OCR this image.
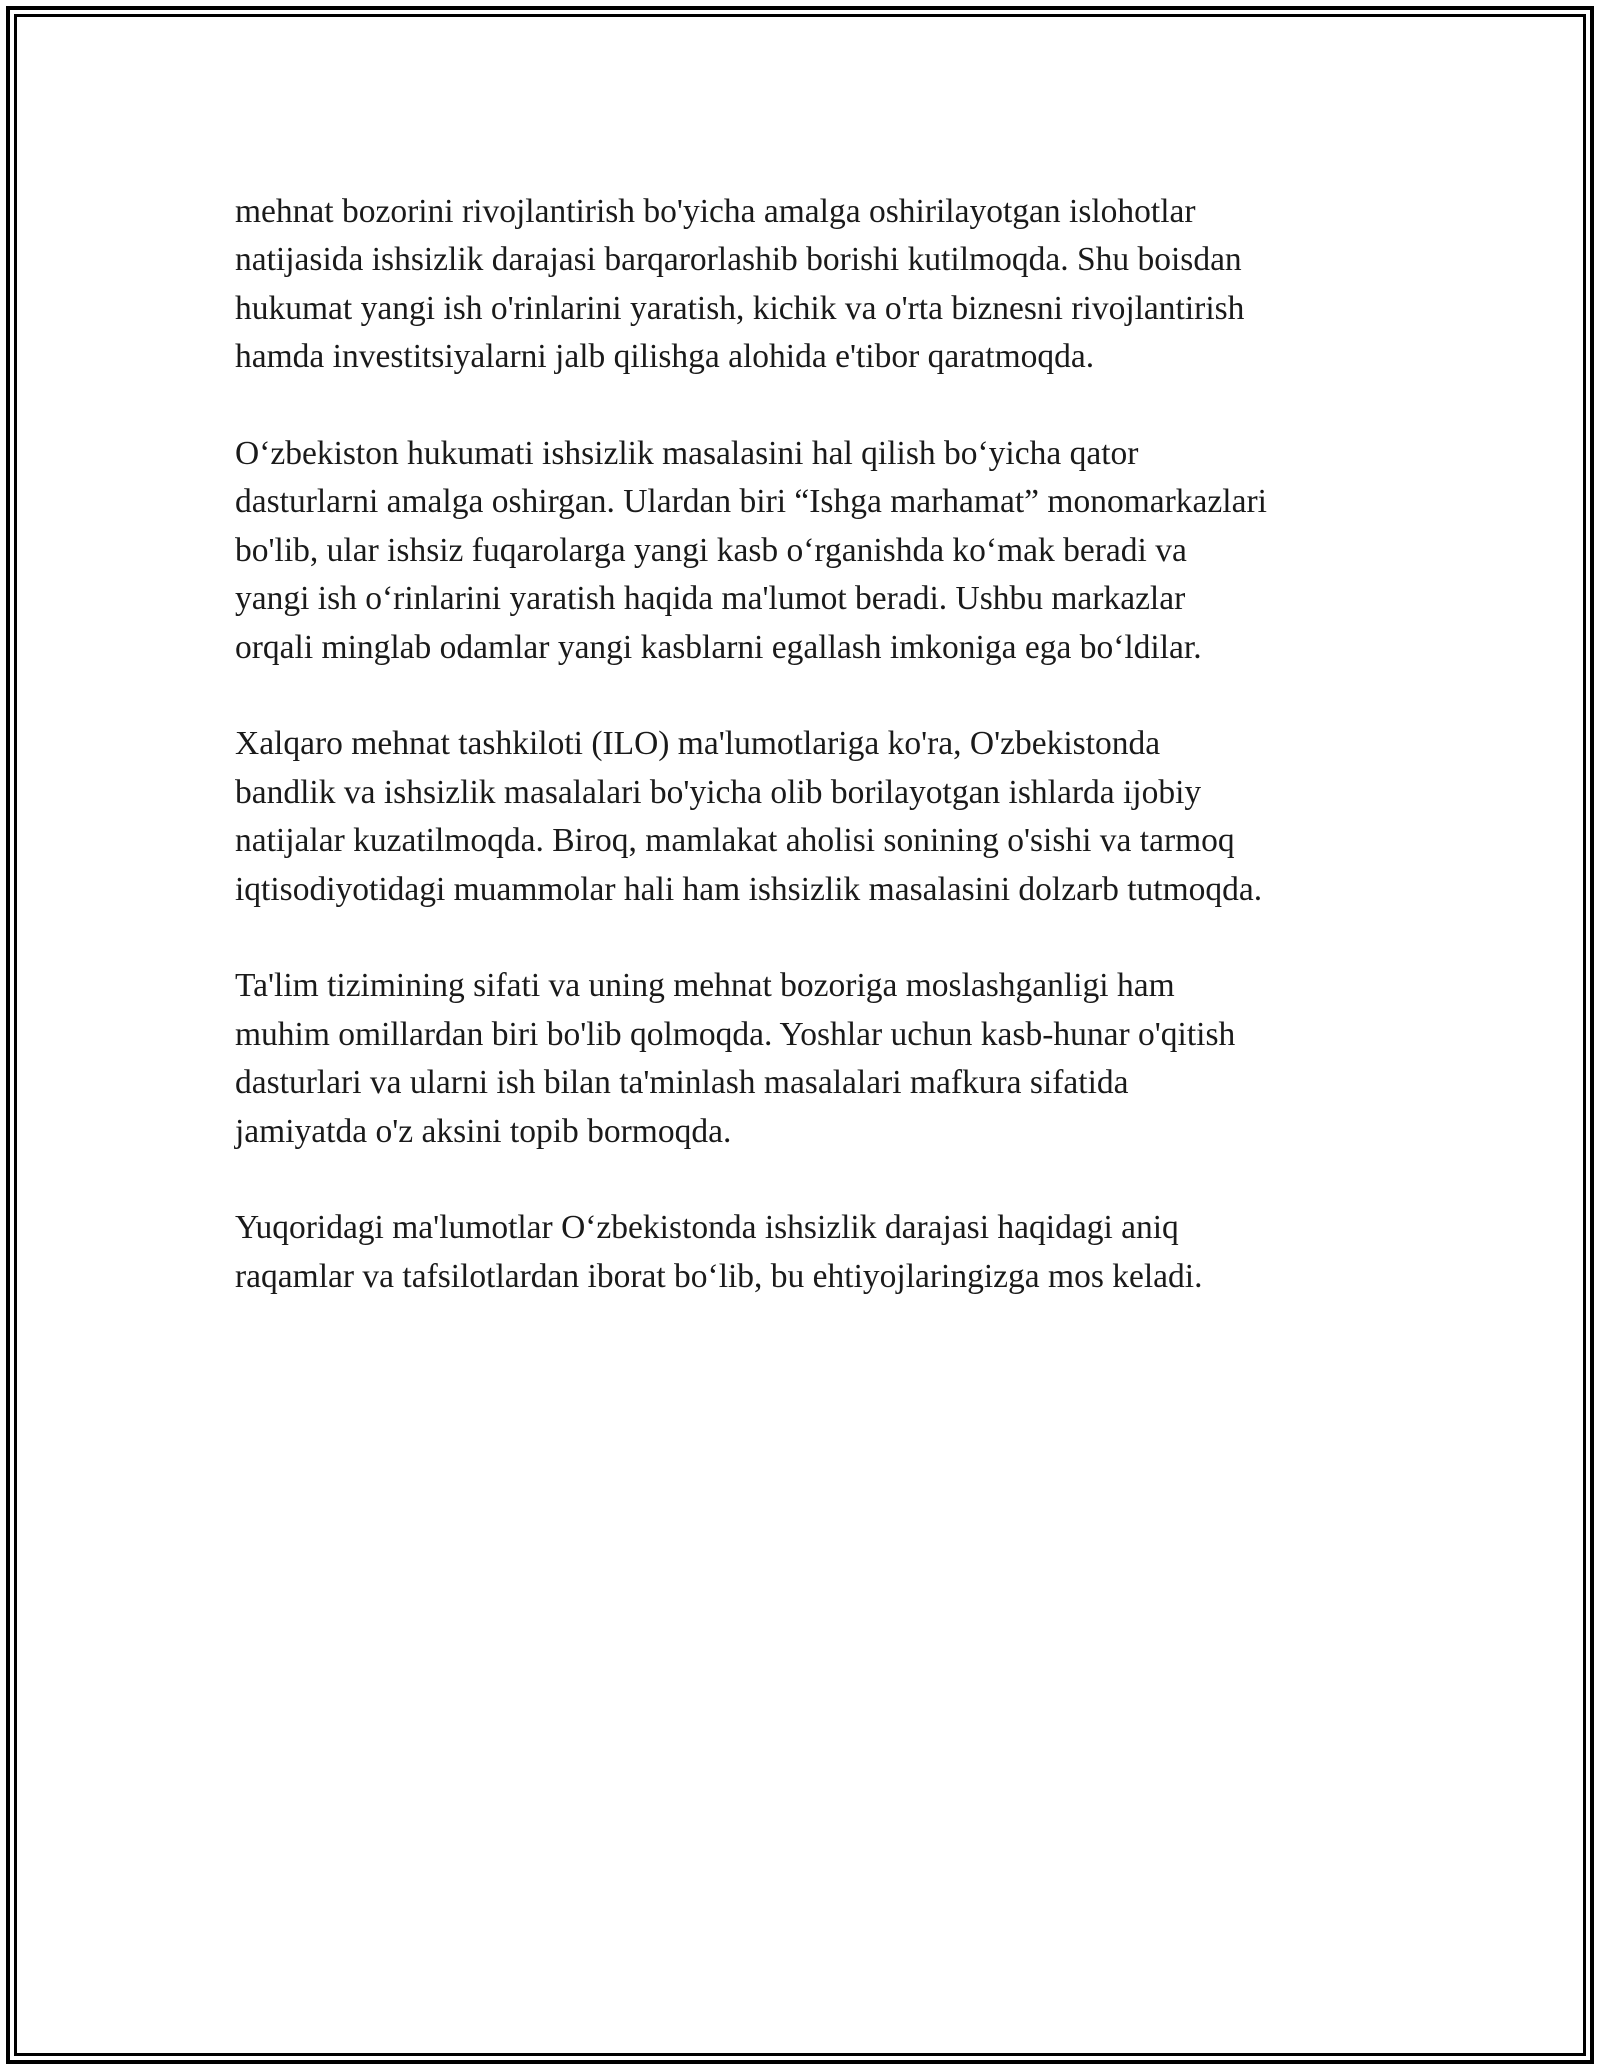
mehnat bozorini rivojlantirish bo'yicha amalga oshirilayotgan islohotlar
natijasida ishsizlik darajasi barqarorlashib borishi kutilmoqda. Shu boisdan
hukumat yangi ish o'rinlarini yaratish, kichik va o'rta biznesni rivojlantirish
hamda investitsiyalarni jalb qilishga alohida e'tibor qaratmoqda.

O‘zbekiston hukumati ishsizlik masalasini hal qilish bo‘yicha qator
dasturlarni amalga oshirgan. Ulardan biri “Ishga marhamat” monomarkazlari
bo'lib, ular ishsiz fuqarolarga yangi kasb o‘rganishda ko‘mak beradi va
yangi ish o‘rinlarini yaratish haqida ma'lumot beradi. Ushbu markazlar
orqali minglab odamlar yangi kasblarni egallash imkoniga ega bo‘ldilar.

Xalqaro mehnat tashkiloti (ILO) ma'lumotlariga ko'ra, O'zbekistonda
bandlik va ishsizlik masalalari bo'yicha olib borilayotgan ishlarda ijobiy
natijalar kuzatilmoqda. Biroq, mamlakat aholisi sonining o'sishi va tarmoq
iqtisodiyotidagi muammolar hali ham ishsizlik masalasini dolzarb tutmoqda.

Ta'lim tizimining sifati va uning mehnat bozoriga moslashganligi ham
muhim omillardan biri bo'lib qolmoqda. Yoshlar uchun kasb-hunar o'qitish
dasturlari va ularni ish bilan ta'minlash masalalari mafkura sifatida
jamiyatda o'z aksini topib bormoqda.

Yuqoridagi ma'lumotlar O‘zbekistonda ishsizlik darajasi haqidagi aniq
raqamlar va tafsilotlardan iborat bo‘lib, bu ehtiyojlaringizga mos keladi.
